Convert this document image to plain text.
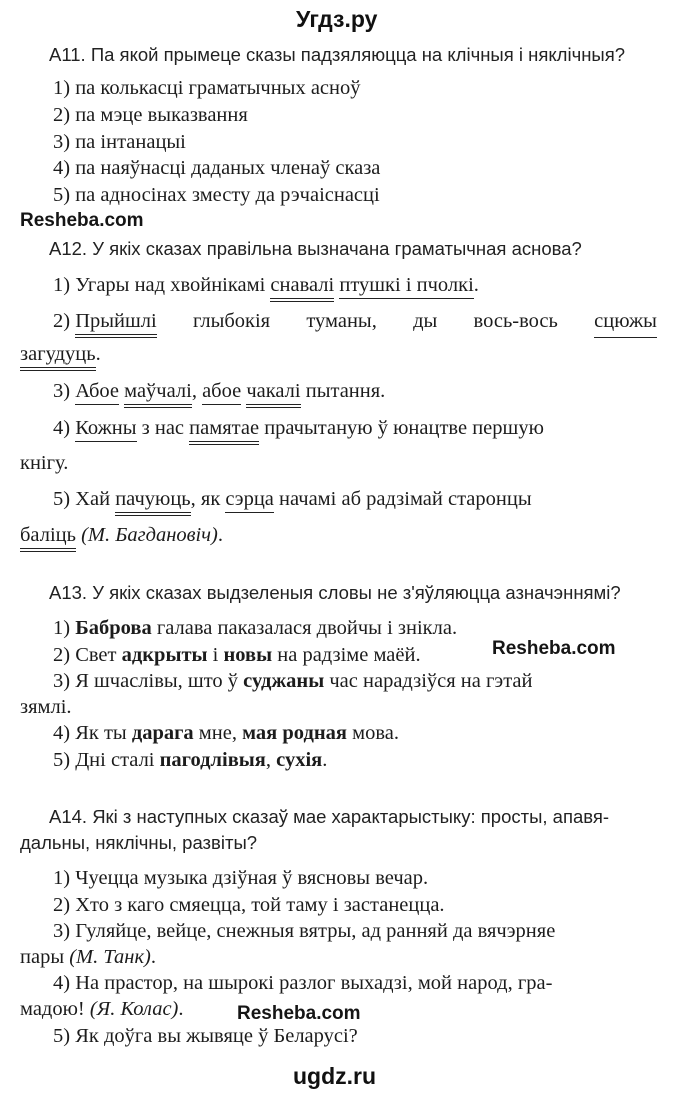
Угдз.ру
А11. Па якой прымеце сказы падзяляюцца на клічныя і няклічныя?
1) па колькасці граматычных асноў
2) па мэце выказвання
3) па інтанацыі
4) па наяўнасці даданых членаў сказа
5) па адносінах зместу да рэчаіснасці
Resheba.com
А12. У якіх сказах правільна вызначана граматычная аснова?
1) Угары над хвойнікамі снавалі птушкі і пчолкі.
2) Прыйшлі глыбокія туманы, ды вось-вось сцюжы
загудуць.
3) Абое маўчалі, абое чакалі пытання.
4) Кожны з нас памятае прачытаную ў юнацтве першую
кнігу.
5) Хай пачуюць, як сэрца начамі аб радзімай старонцы
баліць (М. Багдановіч).
А13. У якіх сказах выдзеленыя словы не з'яўляюцца азначэннямі?
1) Баброва галава паказалася двойчы і знікла.
2) Свет адкрыты і новы на радзіме маёй.	Resheba.com
3) Я шчаслівы, што ў суджаны час нарадзіўся на гэтай
зямлі.
4) Як ты дарага мне, мая родная мова.
5) Дні сталі пагодлівыя, сухія.
А14. Які з наступных сказаў мае характарыстыку: просты, апавя-
дальны, няклічны, развіты?
1) Чуецца музыка дзіўная ў вясновы вечар.
2) Хто з каго смяецца, той таму і застанецца.
3) Гуляйце, вейце, снежныя вятры, ад ранняй да вячэрняе
пары (М. Танк).
4) На прастор, на шырокі разлог выхадзі, мой народ, гра-
мадою! (Я. Колас).	Resheba.com
5) Як доўга вы жывяце ў Беларусі?
ugdz.ru
